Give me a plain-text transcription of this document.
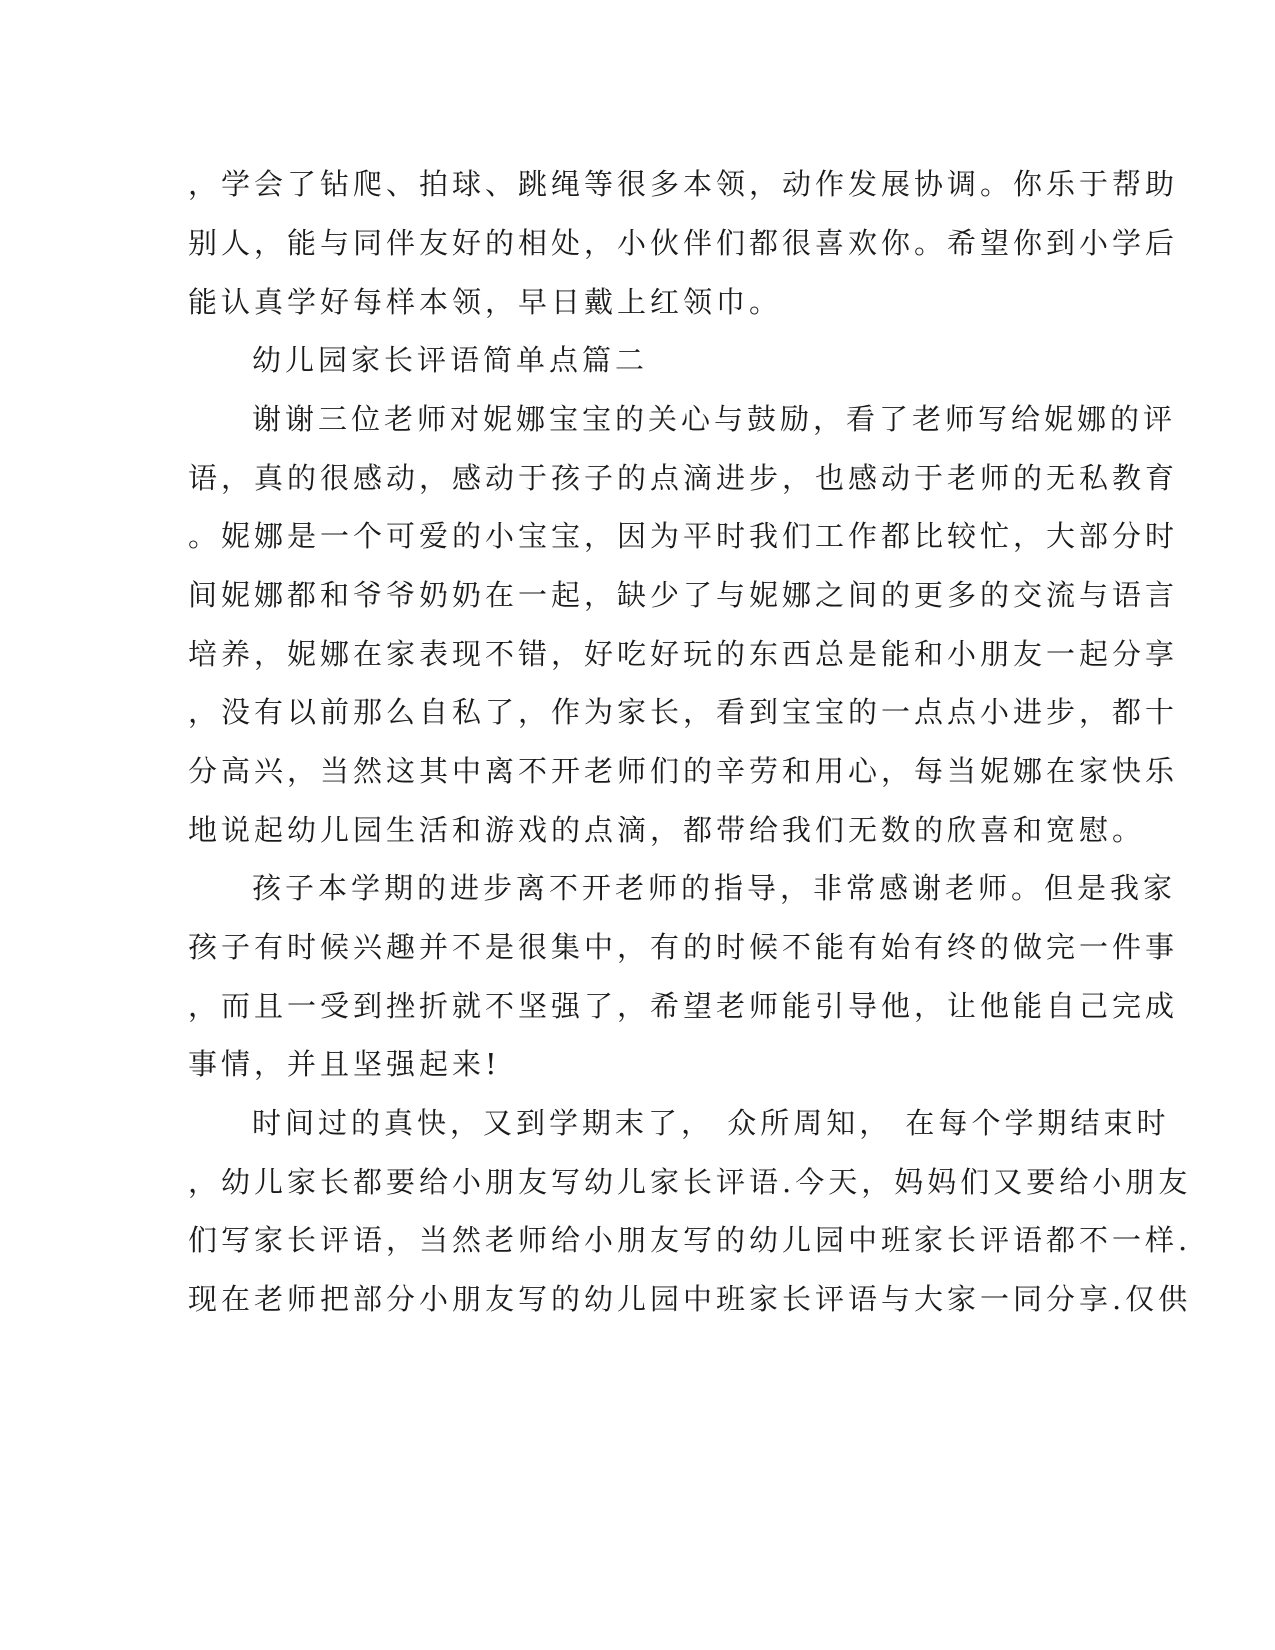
，学会了钻爬、拍球、跳绳等很多本领，动作发展协调。你乐于帮助
别人，能与同伴友好的相处，小伙伴们都很喜欢你。希望你到小学后
能认真学好每样本领，早日戴上红领巾。
幼儿园家长评语简单点篇二
谢谢三位老师对妮娜宝宝的关心与鼓励，看了老师写给妮娜的评
语，真的很感动，感动于孩子的点滴进步，也感动于老师的无私教育
。妮娜是一个可爱的小宝宝，因为平时我们工作都比较忙，大部分时
间妮娜都和爷爷奶奶在一起，缺少了与妮娜之间的更多的交流与语言
培养，妮娜在家表现不错，好吃好玩的东西总是能和小朋友一起分享
，没有以前那么自私了，作为家长，看到宝宝的一点点小进步，都十
分高兴，当然这其中离不开老师们的辛劳和用心，每当妮娜在家快乐
地说起幼儿园生活和游戏的点滴，都带给我们无数的欣喜和宽慰。
孩子本学期的进步离不开老师的指导，非常感谢老师。但是我家
孩子有时候兴趣并不是很集中，有的时候不能有始有终的做完一件事
，而且一受到挫折就不坚强了，希望老师能引导他，让他能自己完成
事情，并且坚强起来!
时间过的真快，又到学期末了， 众所周知， 在每个学期结束时
，幼儿家长都要给小朋友写幼儿家长评语.今天，妈妈们又要给小朋友
们写家长评语，当然老师给小朋友写的幼儿园中班家长评语都不一样.
现在老师把部分小朋友写的幼儿园中班家长评语与大家一同分享.仅供
